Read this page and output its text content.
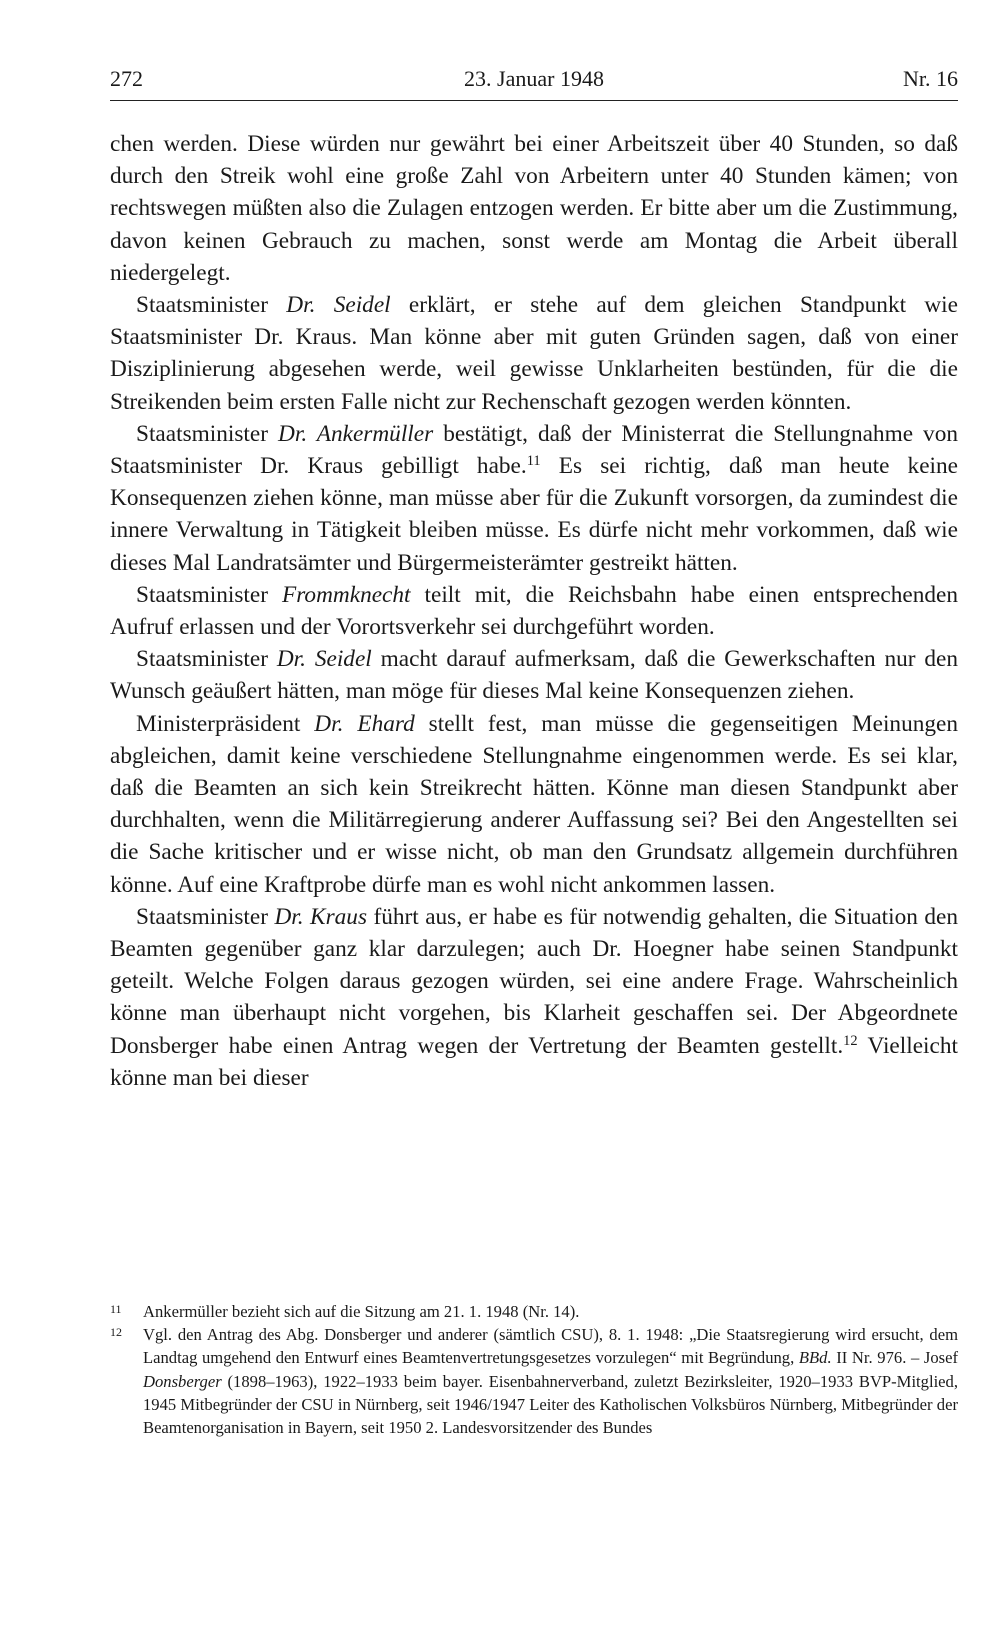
272	23. Januar 1948	Nr. 16

chen werden. Diese würden nur gewährt bei einer Arbeitszeit über 40 Stunden, so daß durch den Streik wohl eine große Zahl von Arbeitern unter 40 Stunden kämen; von rechtswegen müßten also die Zulagen entzogen werden. Er bitte aber um die Zustimmung, davon keinen Gebrauch zu machen, sonst werde am Montag die Arbeit überall niedergelegt.

Staatsminister Dr. Seidel erklärt, er stehe auf dem gleichen Standpunkt wie Staatsminister Dr. Kraus. Man könne aber mit guten Gründen sagen, daß von einer Disziplinierung abgesehen werde, weil gewisse Unklarheiten bestünden, für die die Streikenden beim ersten Falle nicht zur Rechenschaft gezogen werden könnten.

Staatsminister Dr. Ankermüller bestätigt, daß der Ministerrat die Stellungnahme von Staatsminister Dr. Kraus gebilligt habe.$^{11}$ Es sei richtig, daß man heute keine Konsequenzen ziehen könne, man müsse aber für die Zukunft vorsorgen, da zumindest die innere Verwaltung in Tätigkeit bleiben müsse. Es dürfe nicht mehr vorkommen, daß wie dieses Mal Landratsämter und Bürgermeisterämter gestreikt hätten.

Staatsminister Frommknecht teilt mit, die Reichsbahn habe einen entsprechenden Aufruf erlassen und der Vorortsverkehr sei durchgeführt worden.

Staatsminister Dr. Seidel macht darauf aufmerksam, daß die Gewerkschaften nur den Wunsch geäußert hätten, man möge für dieses Mal keine Konsequenzen ziehen.

Ministerpräsident Dr. Ehard stellt fest, man müsse die gegenseitigen Meinungen abgleichen, damit keine verschiedene Stellungnahme eingenommen werde. Es sei klar, daß die Beamten an sich kein Streikrecht hätten. Könne man diesen Standpunkt aber durchhalten, wenn die Militärregierung anderer Auffassung sei? Bei den Angestellten sei die Sache kritischer und er wisse nicht, ob man den Grundsatz allgemein durchführen könne. Auf eine Kraftprobe dürfe man es wohl nicht ankommen lassen.

Staatsminister Dr. Kraus führt aus, er habe es für notwendig gehalten, die Situation den Beamten gegenüber ganz klar darzulegen; auch Dr. Hoegner habe seinen Standpunkt geteilt. Welche Folgen daraus gezogen würden, sei eine andere Frage. Wahrscheinlich könne man überhaupt nicht vorgehen, bis Klarheit geschaffen sei. Der Abgeordnete Donsberger habe einen Antrag wegen der Vertretung der Beamten gestellt.$^{12}$ Vielleicht könne man bei dieser

11 Ankermüller bezieht sich auf die Sitzung am 21. 1. 1948 (Nr. 14).
12 Vgl. den Antrag des Abg. Donsberger und anderer (sämtlich CSU), 8. 1. 1948: „Die Staatsregierung wird ersucht, dem Landtag umgehend den Entwurf eines Beamtenvertretungsgesetzes vorzulegen“ mit Begründung, BBd. II Nr. 976. – Josef Donsberger (1898–1963), 1922–1933 beim bayer. Eisenbahnerverband, zuletzt Bezirksleiter, 1920–1933 BVP-Mitglied, 1945 Mitbegründer der CSU in Nürnberg, seit 1946/1947 Leiter des Katholischen Volksbüros Nürnberg, Mitbegründer der Beamtenorganisation in Bayern, seit 1950 2. Landesvorsitzender des Bundes
